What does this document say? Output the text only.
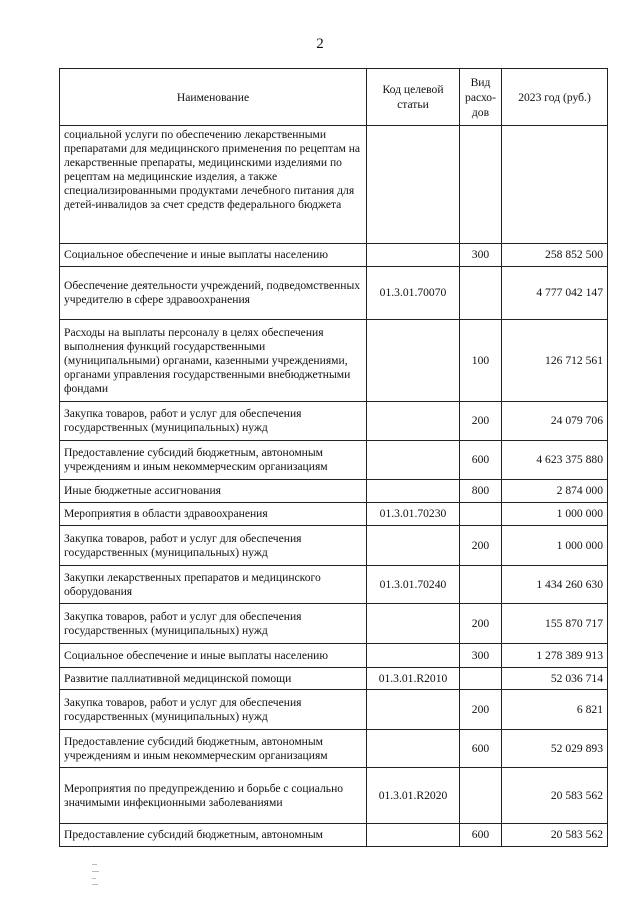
2
Наименование	Код целевой статьи	Вид расхо-дов	2023 год (руб.)
социальной услуги по обеспечению лекарственными препаратами для медицинского применения по рецептам на лекарственные препараты, медицинскими изделиями по рецептам на медицинские изделия, а также специализированными продуктами лечебного питания для детей-инвалидов за счет средств федерального бюджета			
Социальное обеспечение и иные выплаты населению		300	258 852 500
Обеспечение деятельности учреждений, подведомственных учредителю в сфере здравоохранения	01.3.01.70070		4 777 042 147
Расходы на выплаты персоналу в целях обеспечения выполнения функций государственными (муниципальными) органами, казенными учреждениями, органами управления государственными внебюджетными фондами		100	126 712 561
Закупка товаров, работ и услуг для обеспечения государственных (муниципальных) нужд		200	24 079 706
Предоставление субсидий бюджетным, автономным учреждениям и иным некоммерческим организациям		600	4 623 375 880
Иные бюджетные ассигнования		800	2 874 000
Мероприятия в области здравоохранения	01.3.01.70230		1 000 000
Закупка товаров, работ и услуг для обеспечения государственных (муниципальных) нужд		200	1 000 000
Закупки лекарственных препаратов и медицинского оборудования	01.3.01.70240		1 434 260 630
Закупка товаров, работ и услуг для обеспечения государственных (муниципальных) нужд		200	155 870 717
Социальное обеспечение и иные выплаты населению		300	1 278 389 913
Развитие паллиативной медицинской помощи	01.3.01.R2010		52 036 714
Закупка товаров, работ и услуг для обеспечения государственных (муниципальных) нужд		200	6 821
Предоставление субсидий бюджетным, автономным учреждениям и иным некоммерческим организациям		600	52 029 893
Мероприятия по предупреждению и борьбе с социально значимыми инфекционными заболеваниями	01.3.01.R2020		20 583 562
Предоставление субсидий бюджетным, автономным		600	20 583 562
